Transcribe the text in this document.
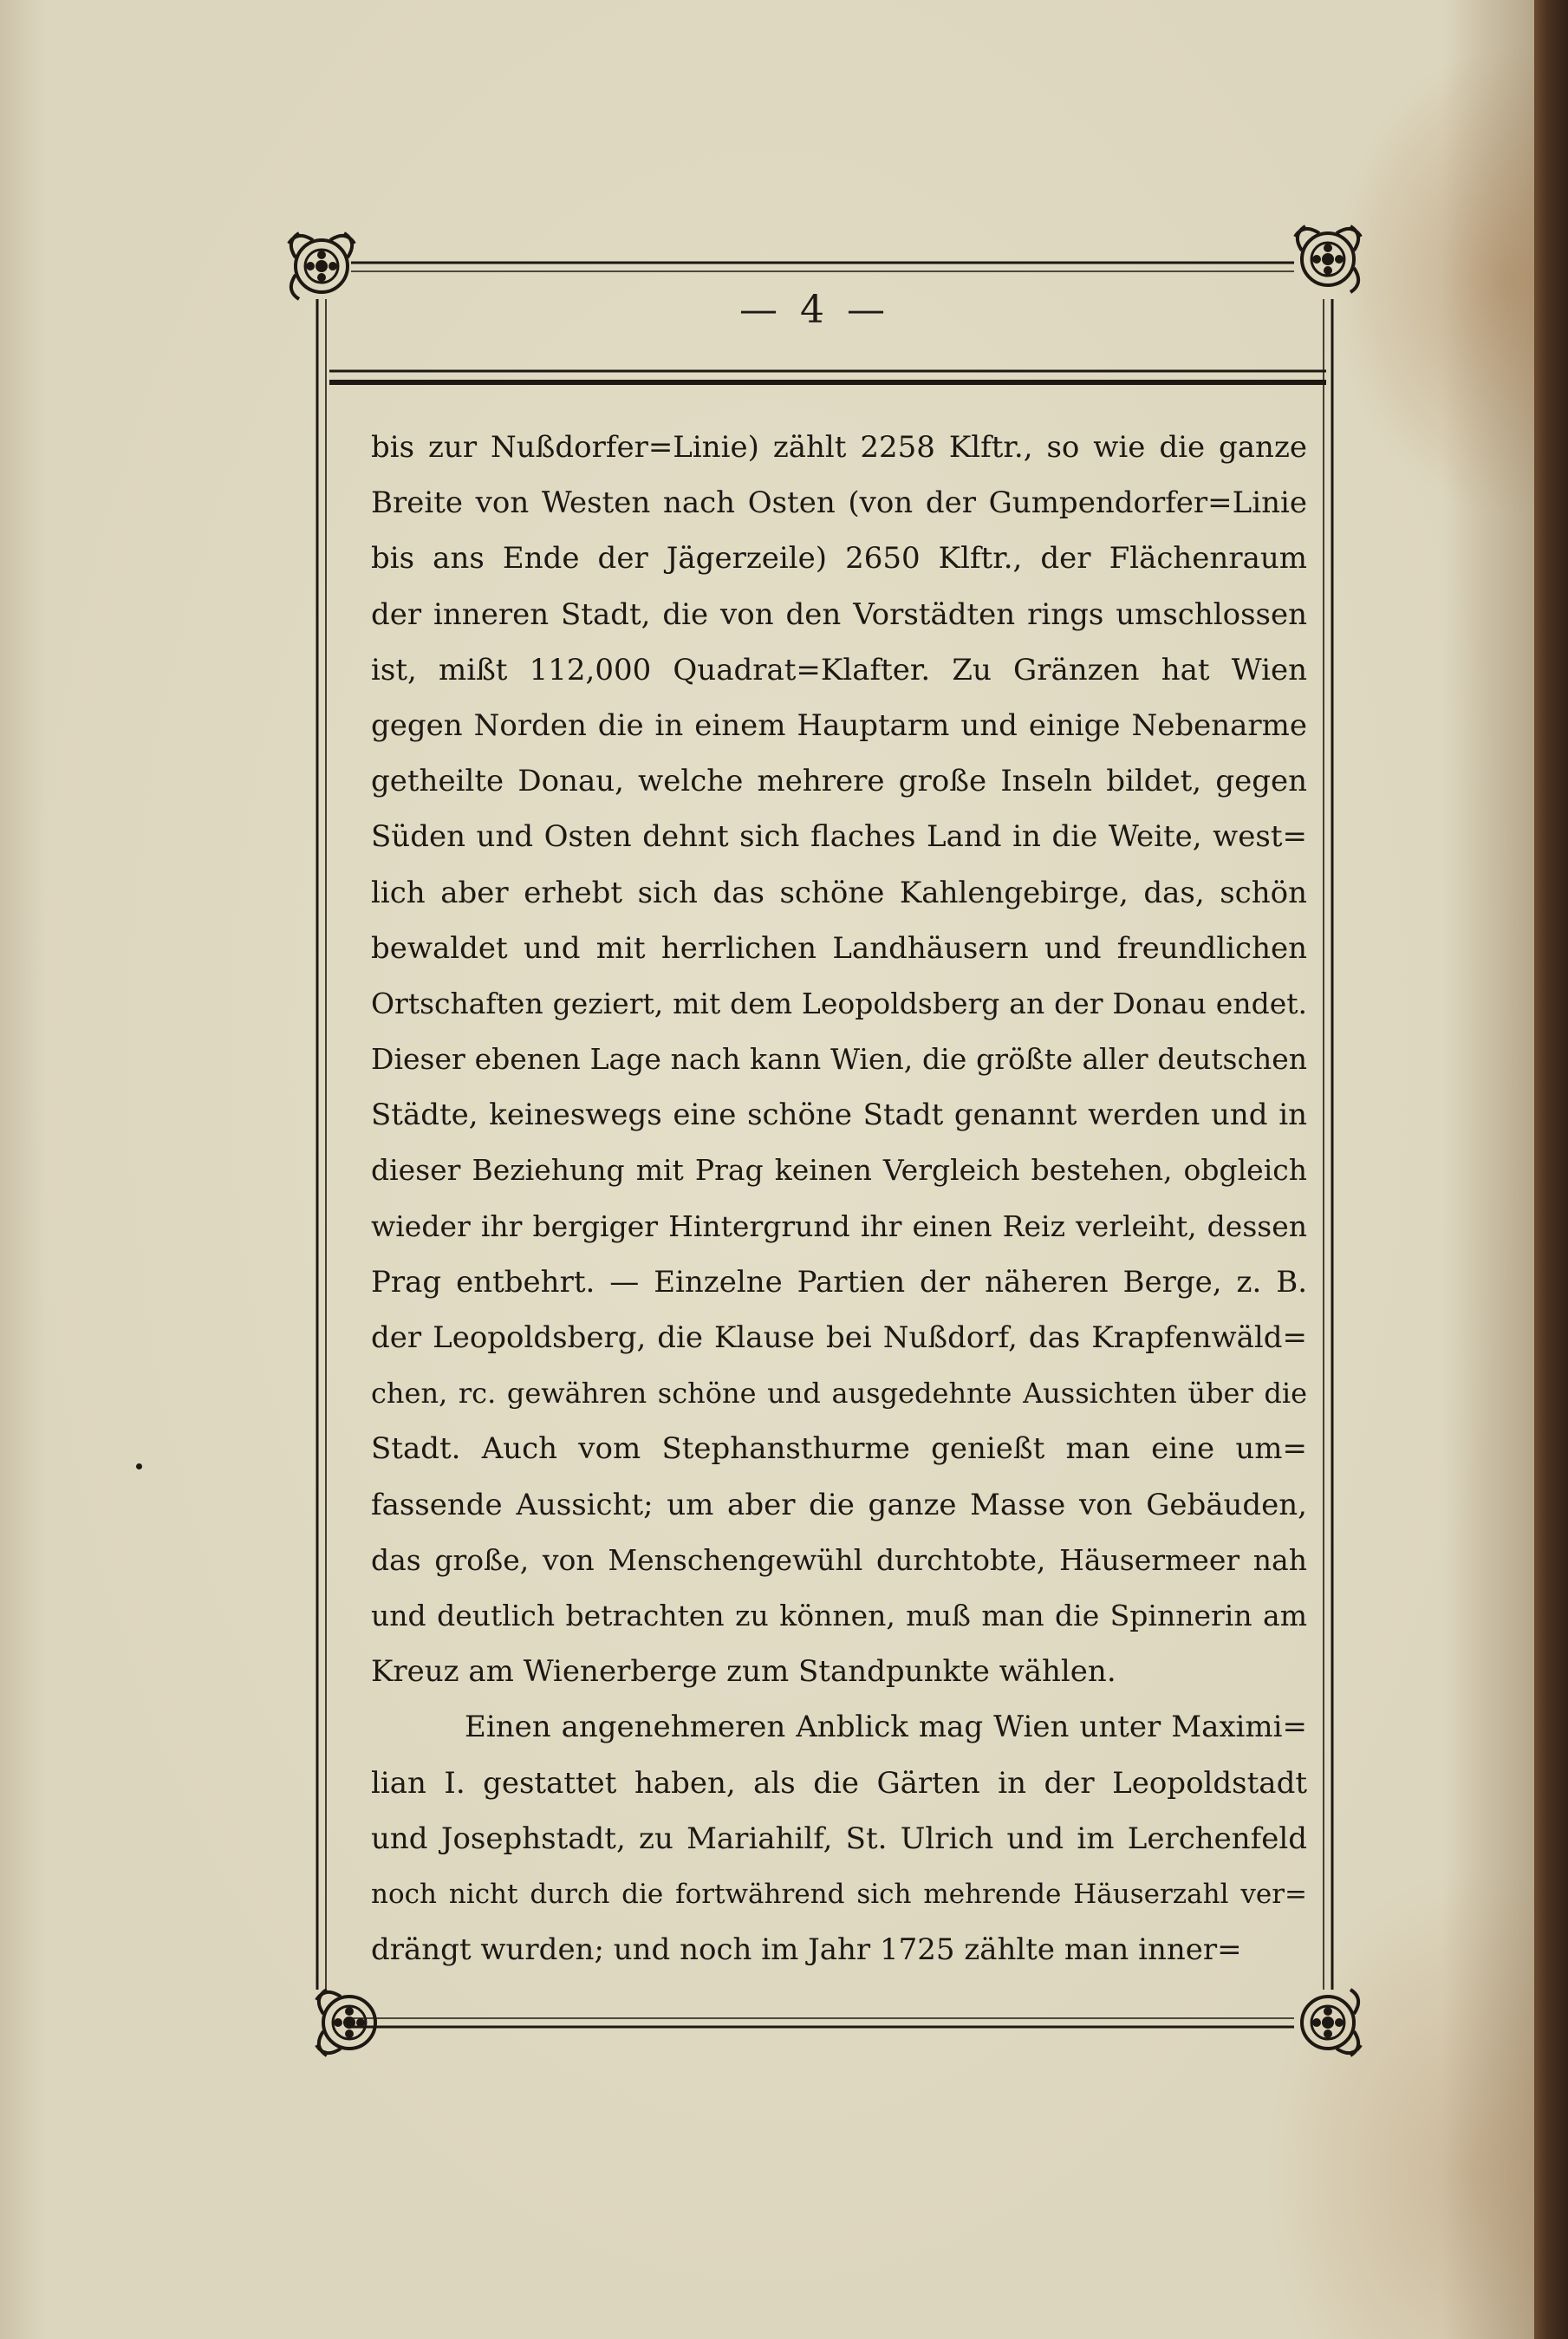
— 4 —
bis zur Nußdorfer=Linie) zählt 2258 Klftr., so wie die ganze
Breite von Westen nach Osten (von der Gumpendorfer=Linie
bis ans Ende der Jägerzeile) 2650 Klftr., der Flächenraum
der inneren Stadt, die von den Vorstädten rings umschlossen
ist, mißt 112,000 Quadrat=Klafter. Zu Gränzen hat Wien
gegen Norden die in einem Hauptarm und einige Nebenarme
getheilte Donau, welche mehrere große Inseln bildet, gegen
Süden und Osten dehnt sich flaches Land in die Weite, west=
lich aber erhebt sich das schöne Kahlengebirge, das, schön
bewaldet und mit herrlichen Landhäusern und freundlichen
Ortschaften geziert, mit dem Leopoldsberg an der Donau endet.
Dieser ebenen Lage nach kann Wien, die größte aller deutschen
Städte, keineswegs eine schöne Stadt genannt werden und in
dieser Beziehung mit Prag keinen Vergleich bestehen, obgleich
wieder ihr bergiger Hintergrund ihr einen Reiz verleiht, dessen
Prag entbehrt. — Einzelne Partien der näheren Berge, z. B.
der Leopoldsberg, die Klause bei Nußdorf, das Krapfenwäld=
chen, rc. gewähren schöne und ausgedehnte Aussichten über die
Stadt. Auch vom Stephansthurme genießt man eine um=
fassende Aussicht; um aber die ganze Masse von Gebäuden,
das große, von Menschengewühl durchtobte, Häusermeer nah
und deutlich betrachten zu können, muß man die Spinnerin am
Kreuz am Wienerberge zum Standpunkte wählen.
Einen angenehmeren Anblick mag Wien unter Maximi=
lian I. gestattet haben, als die Gärten in der Leopoldstadt
und Josephstadt, zu Mariahilf, St. Ulrich und im Lerchenfeld
noch nicht durch die fortwährend sich mehrende Häuserzahl ver=
drängt wurden; und noch im Jahr 1725 zählte man inner=
